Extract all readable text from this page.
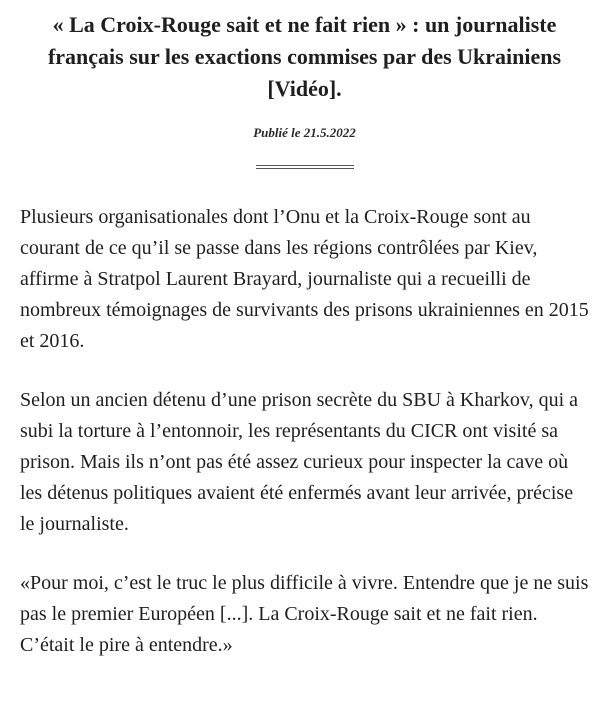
« La Croix-Rouge sait et ne fait rien » : un journaliste français sur les exactions commises par des Ukrainiens [Vidéo].
Publié le 21.5.2022

Plusieurs organisationales dont l’Onu et la Croix-Rouge sont au courant de ce qu’il se passe dans les régions contrôlées par Kiev, affirme à Stratpol Laurent Brayard, journaliste qui a recueilli de nombreux témoignages de survivants des prisons ukrainiennes en 2015 et 2016.

Selon un ancien détenu d’une prison secrète du SBU à Kharkov, qui a subi la torture à l’entonnoir, les représentants du CICR ont visité sa prison. Mais ils n’ont pas été assez curieux pour inspecter la cave où les détenus politiques avaient été enfermés avant leur arrivée, précise le journaliste.

«Pour moi, c’est le truc le plus difficile à vivre. Entendre que je ne suis pas le premier Européen [...]. La Croix-Rouge sait et ne fait rien. C’était le pire à entendre.»
